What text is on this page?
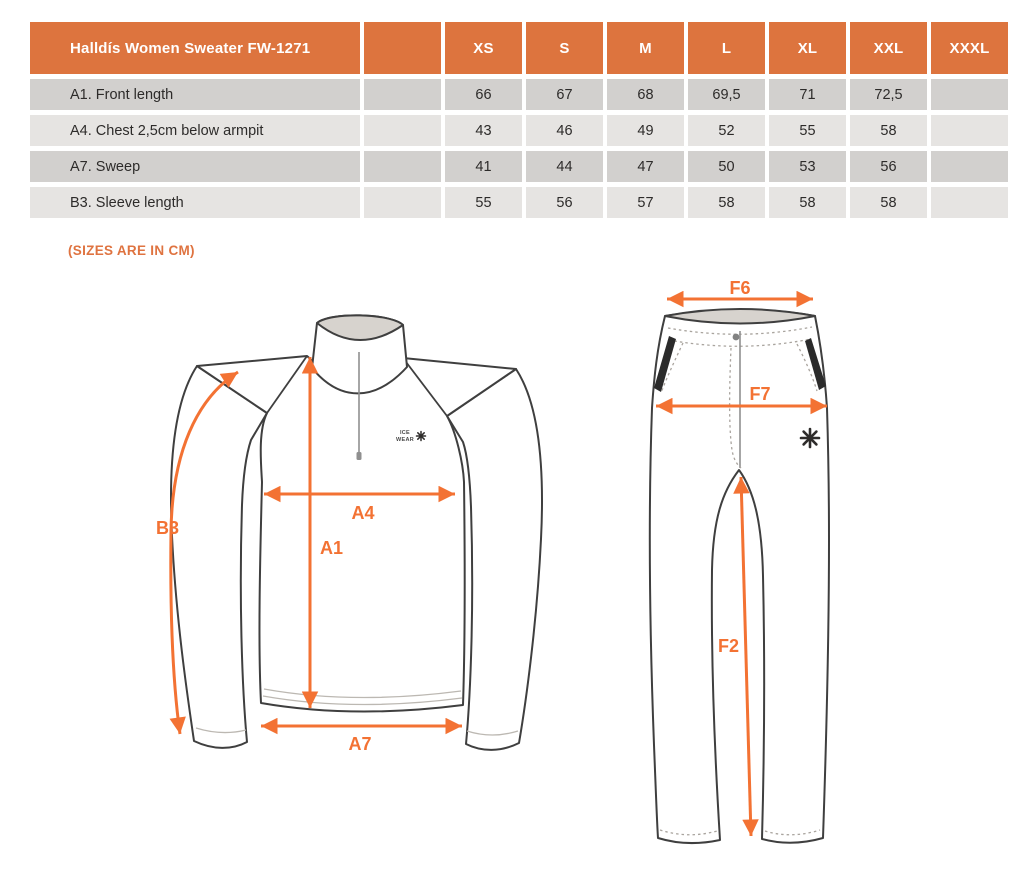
Halldís Women Sweater FW-1271	XS	S	M	L	XL	XXL	XXXL
A1. Front length	66	67	68	69,5	71	72,5
A4. Chest 2,5cm below armpit	43	46	49	52	55	58
A7. Sweep	41	44	47	50	53	56
B3. Sleeve length	55	56	57	58	58	58
(SIZES ARE IN CM)
ICE
WEAR
B3
A4
A1
A7
F6
F7
F2
